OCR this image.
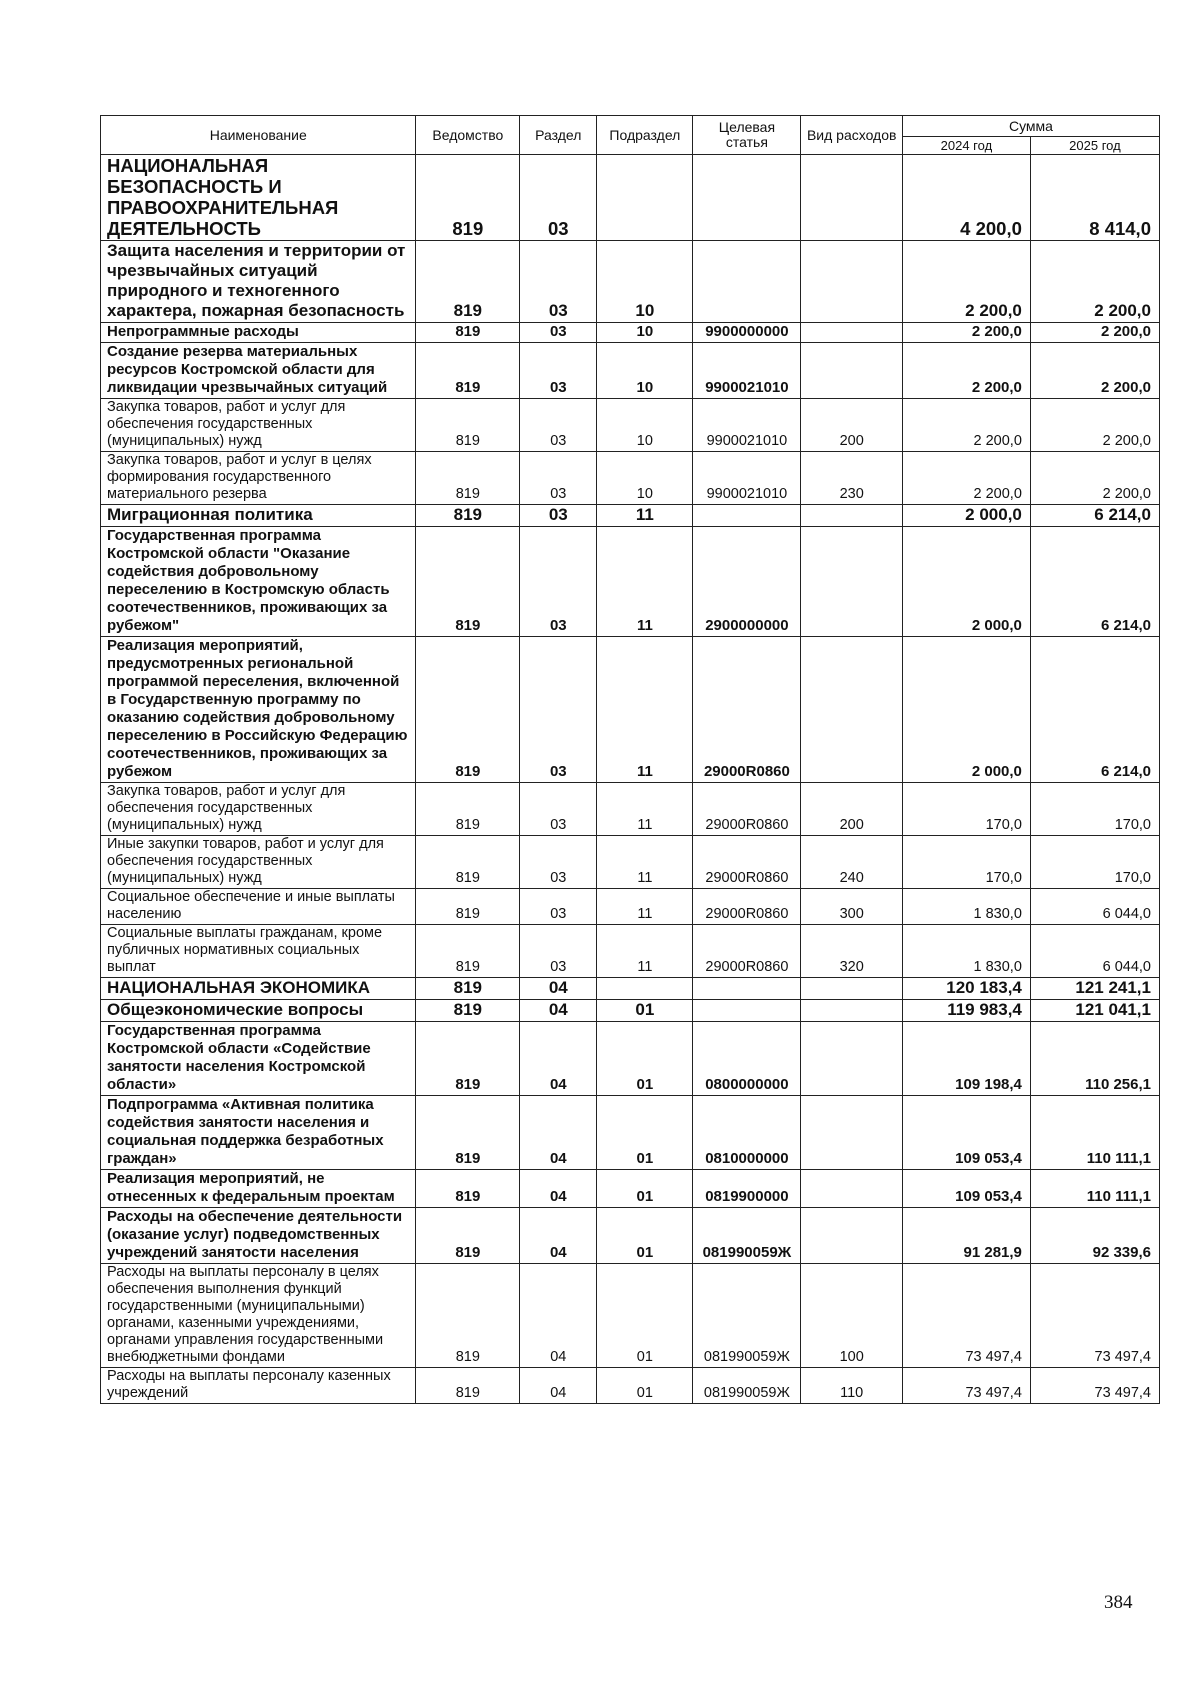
Наименование	Ведомство	Раздел	Подраздел	Целевая статья	Вид расходов	Сумма	
						2024 год	2025 год
НАЦИОНАЛЬНАЯ БЕЗОПАСНОСТЬ И ПРАВООХРАНИТЕЛЬНАЯ ДЕЯТЕЛЬНОСТЬ	819	03				4 200,0	8 414,0
Защита населения и территории от чрезвычайных ситуаций природного и техногенного характера, пожарная безопасность	819	03	10			2 200,0	2 200,0
Непрограммные расходы	819	03	10	9900000000		2 200,0	2 200,0
Создание резерва материальных ресурсов Костромской области для ликвидации чрезвычайных ситуаций	819	03	10	9900021010		2 200,0	2 200,0
Закупка товаров, работ и услуг для обеспечения государственных (муниципальных) нужд	819	03	10	9900021010	200	2 200,0	2 200,0
Закупка товаров, работ и услуг в целях формирования государственного материального резерва	819	03	10	9900021010	230	2 200,0	2 200,0
Миграционная политика	819	03	11			2 000,0	6 214,0
Государственная программа Костромской области "Оказание содействия добровольному переселению в Костромскую область соотечественников, проживающих за рубежом"	819	03	11	2900000000		2 000,0	6 214,0
Реализация мероприятий, предусмотренных региональной программой переселения, включенной в Государственную программу по оказанию содействия добровольному переселению в Российскую Федерацию соотечественников, проживающих за рубежом	819	03	11	29000R0860		2 000,0	6 214,0
Закупка товаров, работ и услуг для обеспечения государственных (муниципальных) нужд	819	03	11	29000R0860	200	170,0	170,0
Иные закупки товаров, работ и услуг для обеспечения государственных (муниципальных) нужд	819	03	11	29000R0860	240	170,0	170,0
Социальное обеспечение и иные выплаты населению	819	03	11	29000R0860	300	1 830,0	6 044,0
Социальные выплаты гражданам, кроме публичных нормативных социальных выплат	819	03	11	29000R0860	320	1 830,0	6 044,0
НАЦИОНАЛЬНАЯ ЭКОНОМИКА	819	04				120 183,4	121 241,1
Общеэкономические вопросы	819	04	01			119 983,4	121 041,1
Государственная программа Костромской области «Содействие занятости населения Костромской области»	819	04	01	0800000000		109 198,4	110 256,1
Подпрограмма «Активная политика содействия занятости населения и социальная поддержка безработных граждан»	819	04	01	0810000000		109 053,4	110 111,1
Реализация мероприятий, не отнесенных к федеральным проектам	819	04	01	0819900000		109 053,4	110 111,1
Расходы на обеспечение деятельности (оказание услуг) подведомственных учреждений занятости населения	819	04	01	081990059Ж		91 281,9	92 339,6
Расходы на выплаты персоналу в целях обеспечения выполнения функций государственными (муниципальными) органами, казенными учреждениями, органами управления государственными внебюджетными фондами	819	04	01	081990059Ж	100	73 497,4	73 497,4
Расходы на выплаты персоналу казенных учреждений	819	04	01	081990059Ж	110	73 497,4	73 497,4
384
